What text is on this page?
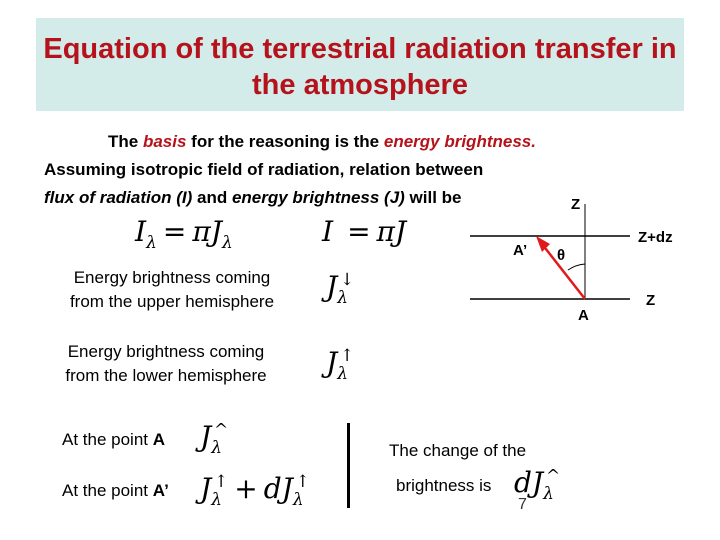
Equation of the terrestrial radiation transfer in the atmosphere
The basis for the reasoning is the energy brightness.
Assuming isotropic field of radiation, relation between
flux of radiation (I) and energy brightness (J) will be
$I_\lambda = \pi J_\lambda$	I = πJ
Energy brightness coming
from the upper hemisphere	$J_\lambda^↓$
Energy brightness coming
from the lower hemisphere	$J_\lambda^↑$
At the point A $J_\lambda^{\^{}}$
At the point A’ $J_\lambda^↑ + dJ_\lambda^↑$
The change of the
brightness is $dJ_\lambda^{\^{}}$
7
Z
Z+dz
Z
A’
A
θ
